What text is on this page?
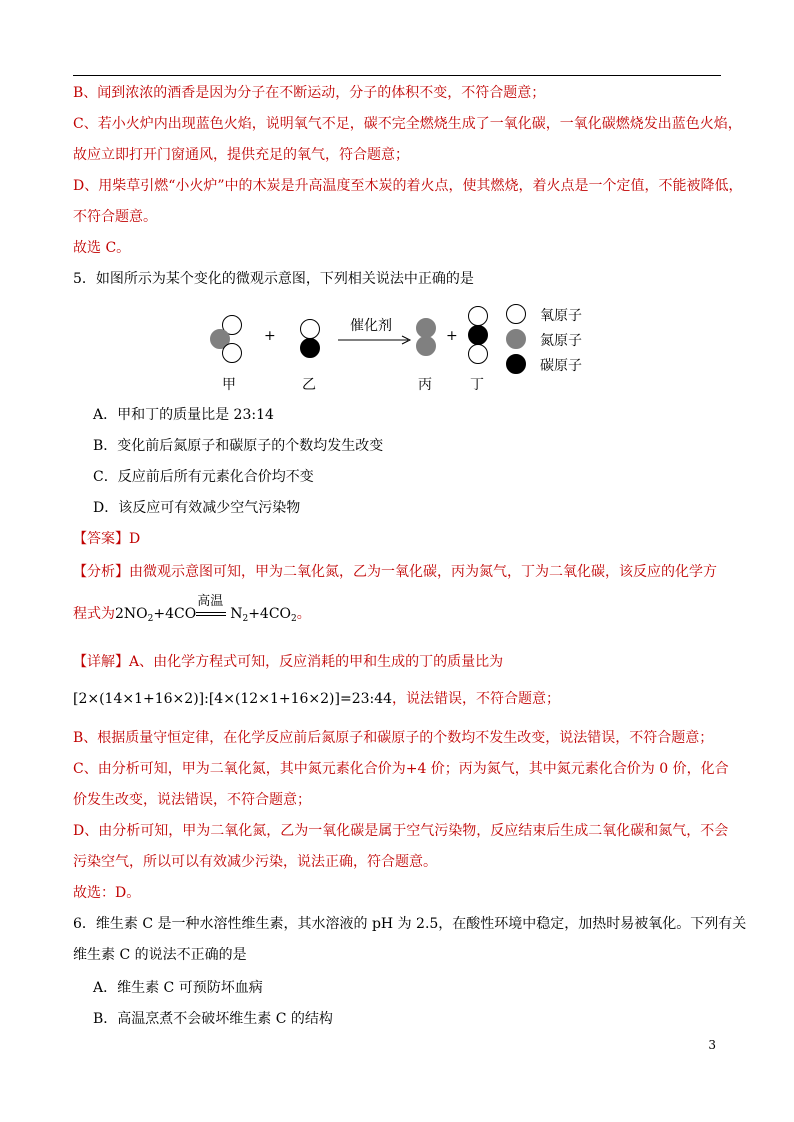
B、闻到浓浓的酒香是因为分子在不断运动，分子的体积不变，不符合题意；
C、若小火炉内出现蓝色火焰，说明氧气不足，碳不完全燃烧生成了一氧化碳，一氧化碳燃烧发出蓝色火焰，
故应立即打开门窗通风，提供充足的氧气，符合题意；
D、用柴草引燃“小火炉”中的木炭是升高温度至木炭的着火点，使其燃烧，着火点是一个定值，不能被降低，
不符合题意。
故选 C。
5．如图所示为某个变化的微观示意图，下列相关说法中正确的是
+
催化剂
+
氧原子
氮原子
碳原子
甲	乙	丙	丁
A．甲和丁的质量比是 23:14
B．变化前后氮原子和碳原子的个数均发生改变
C．反应前后所有元素化合价均不变
D．该反应可有效减少空气污染物
【答案】D
【分析】由微观示意图可知，甲为二氧化氮，乙为一氧化碳，丙为氮气，丁为二氧化碳，该反应的化学方
程式为 $2NO_2+4CO$
高温
$N_2+4CO_2$。
【详解】A、由化学方程式可知，反应消耗的甲和生成的丁的质量比为
[2×(14×1+16×2)]:[4×(12×1+16×2)]=23:44，说法错误，不符合题意；
B、根据质量守恒定律，在化学反应前后氮原子和碳原子的个数均不发生改变，说法错误，不符合题意；
C、由分析可知，甲为二氧化氮，其中氮元素化合价为+4 价；丙为氮气，其中氮元素化合价为 0 价，化合
价发生改变，说法错误，不符合题意；
D、由分析可知，甲为二氧化氮，乙为一氧化碳是属于空气污染物，反应结束后生成二氧化碳和氮气，不会
污染空气，所以可以有效减少污染，说法正确，符合题意。
故选：D。
6．维生素 C 是一种水溶性维生素，其水溶液的 pH 为 2.5，在酸性环境中稳定，加热时易被氧化。下列有关
维生素 C 的说法不正确的是
A．维生素 C 可预防坏血病
B．高温烹煮不会破坏维生素 C 的结构
3
